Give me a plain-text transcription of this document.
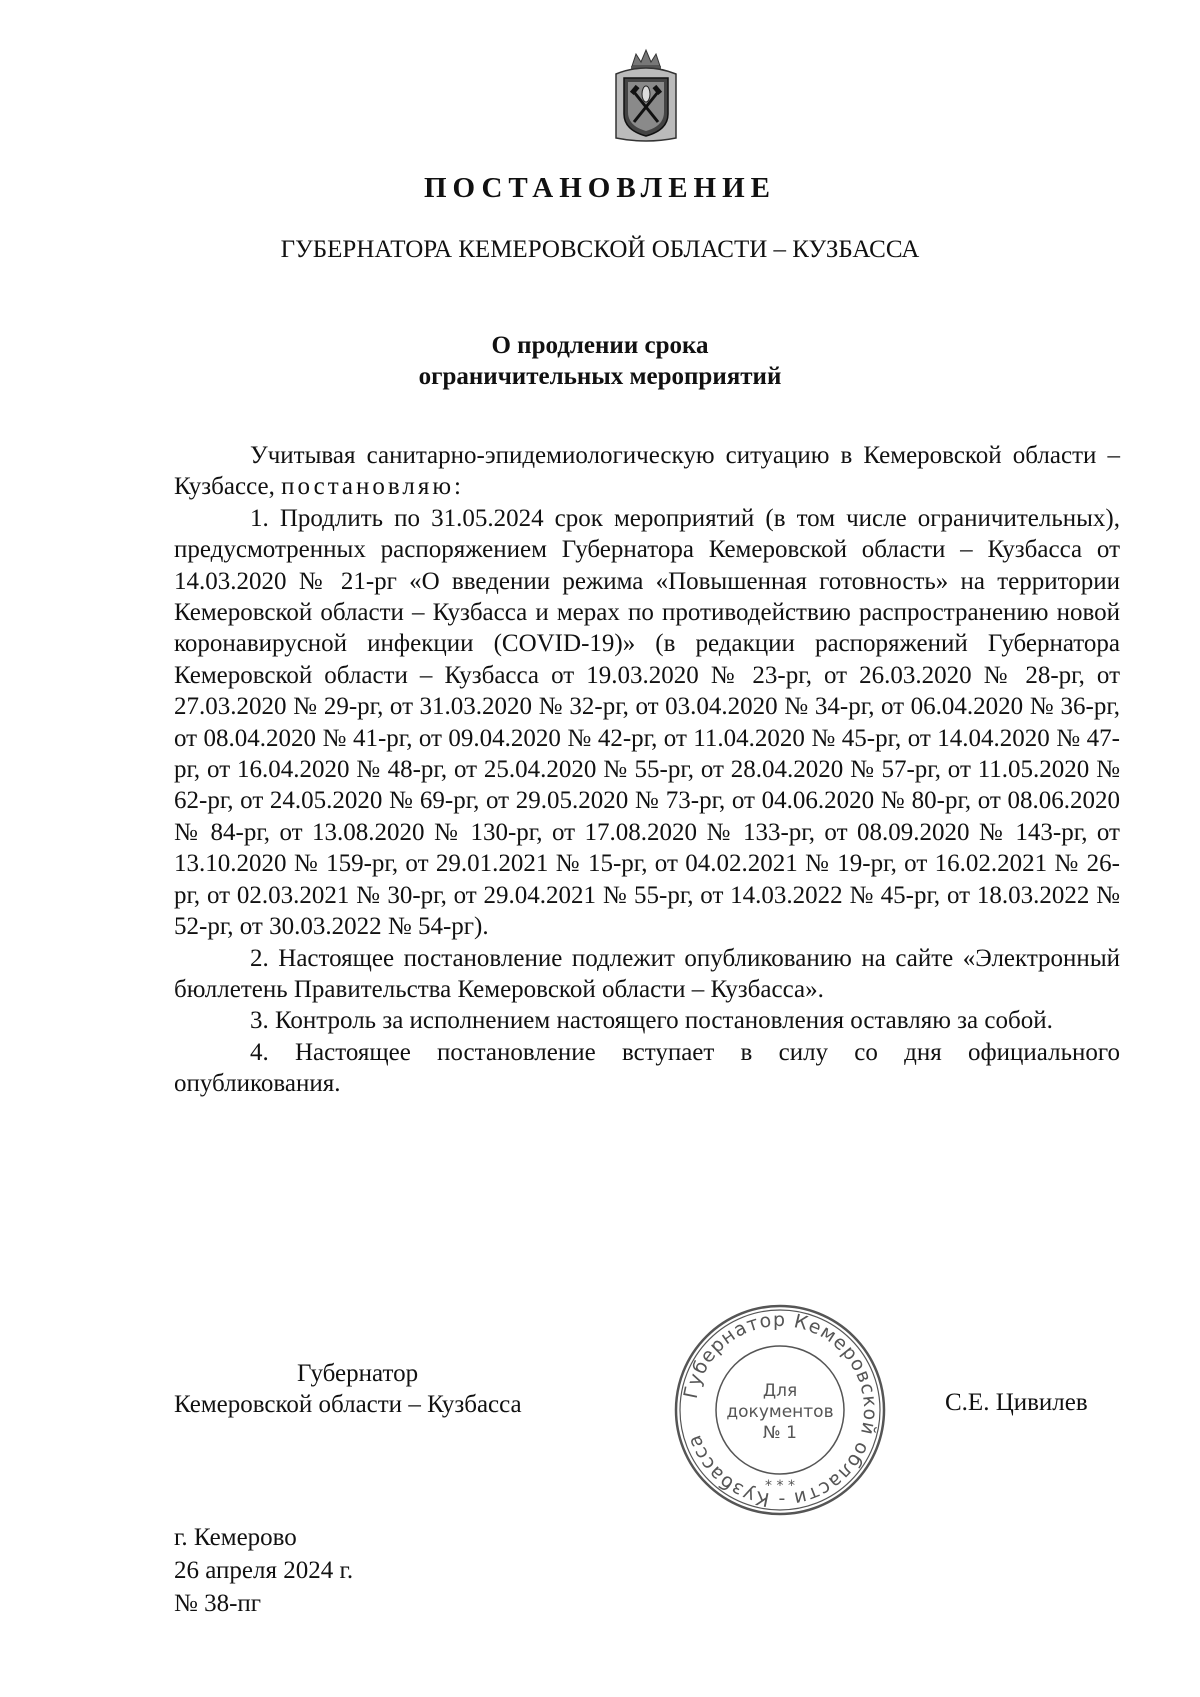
ПОСТАНОВЛЕНИЕ
ГУБЕРНАТОРА КЕМЕРОВСКОЙ ОБЛАСТИ – КУЗБАССА
О продлении срока
ограничительных мероприятий

Учитывая санитарно-эпидемиологическую ситуацию в Кемеровской области – Кузбассе, постановляю:

1. Продлить по 31.05.2024 срок мероприятий (в том числе ограничительных), предусмотренных распоряжением Губернатора Кемеровской области – Кузбасса от 14.03.2020 № 21-рг «О введении режима «Повышенная готовность» на территории Кемеровской области – Кузбасса и мерах по противодействию распространению новой коронавирусной инфекции (COVID-19)» (в редакции распоряжений Губернатора Кемеровской области – Кузбасса от 19.03.2020 № 23-рг, от 26.03.2020 № 28-рг, от 27.03.2020 № 29-рг, от 31.03.2020 № 32-рг, от 03.04.2020 № 34-рг, от 06.04.2020 № 36-рг, от 08.04.2020 № 41-рг, от 09.04.2020 № 42-рг, от 11.04.2020 № 45-рг, от 14.04.2020 № 47-рг, от 16.04.2020 № 48-рг, от 25.04.2020 № 55-рг, от 28.04.2020 № 57-рг, от 11.05.2020 № 62-рг, от 24.05.2020 № 69-рг, от 29.05.2020 № 73-рг, от 04.06.2020 № 80-рг, от 08.06.2020 № 84-рг, от 13.08.2020 № 130-рг, от 17.08.2020 № 133-рг, от 08.09.2020 № 143-рг, от 13.10.2020 № 159-рг, от 29.01.2021 № 15-рг, от 04.02.2021 № 19-рг, от 16.02.2021 № 26-рг, от 02.03.2021 № 30-рг, от 29.04.2021 № 55-рг, от 14.03.2022 № 45-рг, от 18.03.2022 № 52-рг, от 30.03.2022 № 54-рг).

2. Настоящее постановление подлежит опубликованию на сайте «Электронный бюллетень Правительства Кемеровской области – Кузбасса».

3. Контроль за исполнением настоящего постановления оставляю за собой.

4. Настоящее постановление вступает в силу со дня официального опубликования.

Губернатор
Кемеровской области – Кузбасса	Губернатор Кемеровской области - Кузбасса
Для
документов
№ 1
* * *
С.Е. Цивилев
г. Кемерово
26 апреля 2024 г.
№ 38-пг
